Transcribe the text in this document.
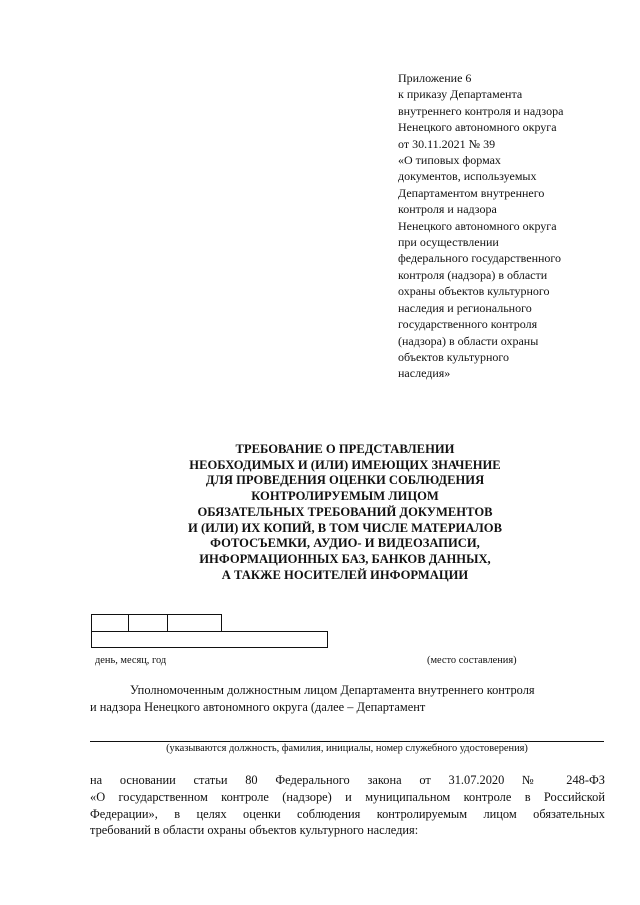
Приложение 6
к приказу Департамента
внутреннего контроля и надзора
Ненецкого автономного округа
от 30.11.2021 № 39
«О типовых формах
документов, используемых
Департаментом внутреннего
контроля и надзора
Ненецкого автономного округа
при осуществлении
федерального государственного
контроля (надзора) в области
охраны объектов культурного
наследия и регионального
государственного контроля
(надзора) в области охраны
объектов культурного
наследия»
ТРЕБОВАНИЕ О ПРЕДСТАВЛЕНИИ
НЕОБХОДИМЫХ И (ИЛИ) ИМЕЮЩИХ ЗНАЧЕНИЕ
ДЛЯ ПРОВЕДЕНИЯ ОЦЕНКИ СОБЛЮДЕНИЯ
КОНТРОЛИРУЕМЫМ ЛИЦОМ
ОБЯЗАТЕЛЬНЫХ ТРЕБОВАНИЙ ДОКУМЕНТОВ
И (ИЛИ) ИХ КОПИЙ, В ТОМ ЧИСЛЕ МАТЕРИАЛОВ
ФОТОСЪЕМКИ, АУДИО- И ВИДЕОЗАПИСИ,
ИНФОРМАЦИОННЫХ БАЗ, БАНКОВ ДАННЫХ,
А ТАКЖЕ НОСИТЕЛЕЙ ИНФОРМАЦИИ
день, месяц, год	(место составления)
Уполномоченным должностным лицом Департамента внутреннего контроля
и надзора Ненецкого автономного округа (далее – Департамент
(указываются должность, фамилия, инициалы, номер служебного удостоверения)
на основании статьи 80 Федерального закона от 31.07.2020 № 248-ФЗ
«О государственном контроле (надзоре) и муниципальном контроле в Российской
Федерации», в целях оценки соблюдения контролируемым лицом обязательных
требований в области охраны объектов культурного наследия:
